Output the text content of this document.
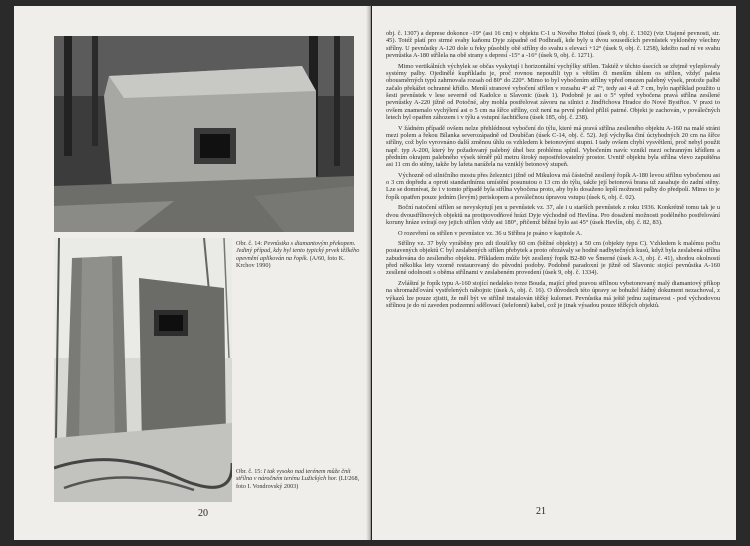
Obr. č. 14: Pevnůstka s diamantovým překopem. Jediný případ, kdy byl tento typický prvek těžkého opevnění aplikován na řopík. (A/60, foto K. Krchov 1990)
Obr. č. 15: I tak vysoko nad terénem může čnít střílna v náročném terénu Lužických hor. (LI/268, foto I. Vondrovský 2003)
20

obj. č. 1307) a deprese dokonce -19° (asi 16 cm) v objektu C-1 u Nového Hobzí (úsek 9, obj. č. 1302) (viz Utajené pevnosti, str. 45). Totéž platí pro strmé svahy kaňonu Dyje západně od Podhradí, kde byly u dvou sousedících pevnůstek vykloněny všechny střílny. U pevnůstky A-120 dole u řeky působily obě střílny do svahu s elevací +12° (úsek 9, obj. č. 1258), kdežto nad ní ve svahu pevnůstka A-180 střílela na obě strany s depresí -15° a -16° (úsek 9, obj. č. 1271).

Mimo vertikálních výchylek se občas vyskytují i horizontální vychýlky střílen. Taktéž v těchto úsecích se zřejmě vylepšovaly systémy palby. Ojedinělé kupříkladu je, proč rovnou nepoužili typ s větším či menším úhlem os střílen, vždyť paleta obousměrných typů zahrnovala rozsah od 80° do 220°. Mimo to byl vybočením střílny vpřed omezen palebný výsek, protože palbě začalo překážet ochranné křídlo. Menší stranové vybočení střílen v rozsahu 4° až 7°, tedy asi 4 až 7 cm, bylo například použito u šesti pevnůstek v lese severně od Kadolce u Slavonic (úsek 1). Podobně je asi o 5° vpřed vybočena pravá střílna zesílené pevnůstky A-220 jižně od Potočné, aby mohla postřelovat závoru na silnici z Jindřichova Hradce do Nové Bystřice. V praxi to ovšem znamenalo vychýlení asi o 5 cm na šířce střílny, což není na první pohled příliš patrné. Objekt je zachován, v poválečných letech byl opatřen záhozem i v týlu a vstupní šachtičkou (úsek 185, obj. č. 238).

V žádném případě ovšem nelze přehlédnout vybočení do týlu, které má pravá střílna zesíleného objektu A-160 na malé stráni mezi polem a řekou Bílanka severozápadně od Doubíčan (úsek C-14, obj. č. 52). Její výchylka činí úctyhodných 20 cm na šířce střílny, což bylo vyrovnáno další změnou úhlu os vzhledem k betonovými stupni. I tady ovšem chybí vysvětlení, proč nebyl použit např. typ A-200, který by požadovaný palebný úhel bez problému splnil. Vybočením navíc vznikl mezi ochranným křídlem a předním okrajem palebného výsek téměř půl metru široký nepostřelovatelný prostor. Uvnitř objektu byla střílna vlevo zapuštěna asi 11 cm do stěny, takže by lafeta narážela na vzniklý betonový stupeň.

Výchozně od silničního mostu přes železnici jižně od Mikulova má částečně zesílený řopík A-180 levou střílnu vybočenou asi o 3 cm dopředu a oproti standardnímu umístění posunutou o 13 cm do týlu, takže její betonová brana už zasahuje do zadní stěny. Lze se domnívat, že i v tomto případě byla střílna vybočena proto, aby bylo dosaženo lepší možnosti palby do předpolí. Mimo to je řopík opatřen pouze jedním (levým) periskopem a poválečnou úpravou vstupu (úsek 6, obj. č. 02).

Boční natočení střílen se nevyskytují jen u pevnůstek vz. 37, ale i u starších pevnůstek z roku 1936. Konkrétně tomu tak je u dvou dvoustřílnových objektů na protipovodňové hrázi Dyje východně od Hevlína. Pro dosažení možnosti podélného postřelování koruny hráze svírají osy jejich střílen vždy asi 180°, přičemž běžné bylo asi 45° (úsek Hevlín, obj. č. 82, 83).

O rozevření os střílen v pevnůstce vz. 36 u Stříbra je psáno v kapitole A.

Střílny vz. 37 byly vyráběny pro zdi tloušťky 60 cm (běžné objekty) a 50 cm (objekty typu C). Vzhledem k malému počtu postavených objektů C byl zeslabených střílen přebytek a proto ořezávaly se hodně nadbytečných kusů, když byla zeslabená střílna zabudována do zesíleného objektu. Příkladem může být zesílený řopík B2-80 ve Šmerné (úsek A-3, obj. č. 41), shodou okolností před několika lety vzorně restaurovaný do původní podoby. Podobně paradoxní je jižně od Slavonic stojící pevnůstka A-160 zesílené odolnosti s oběma střílnami v zeslabeném provedení (úsek 9, obj. č. 1334).

Zvláštní je řopík typu A-160 stojící nedaleko tvrze Bouda, mající před pravou střílnou vybetonovaný malý diamantový příkop na shromažďování vystřelených nábojnic (úsek A, obj. č. 16). O důvodech této úpravy se bohužel žádný dokument nezachoval, z výkazů lze pouze zjistit, že měl být ve střílně instalován těžký kulomet. Pevnůstka má ještě jednu zajímavost - pod východovou střílnou je do ní zaveden podzemní sdělovací (telefonní) kabel, což je jinak výsadou pouze těžkých objektů.

21
